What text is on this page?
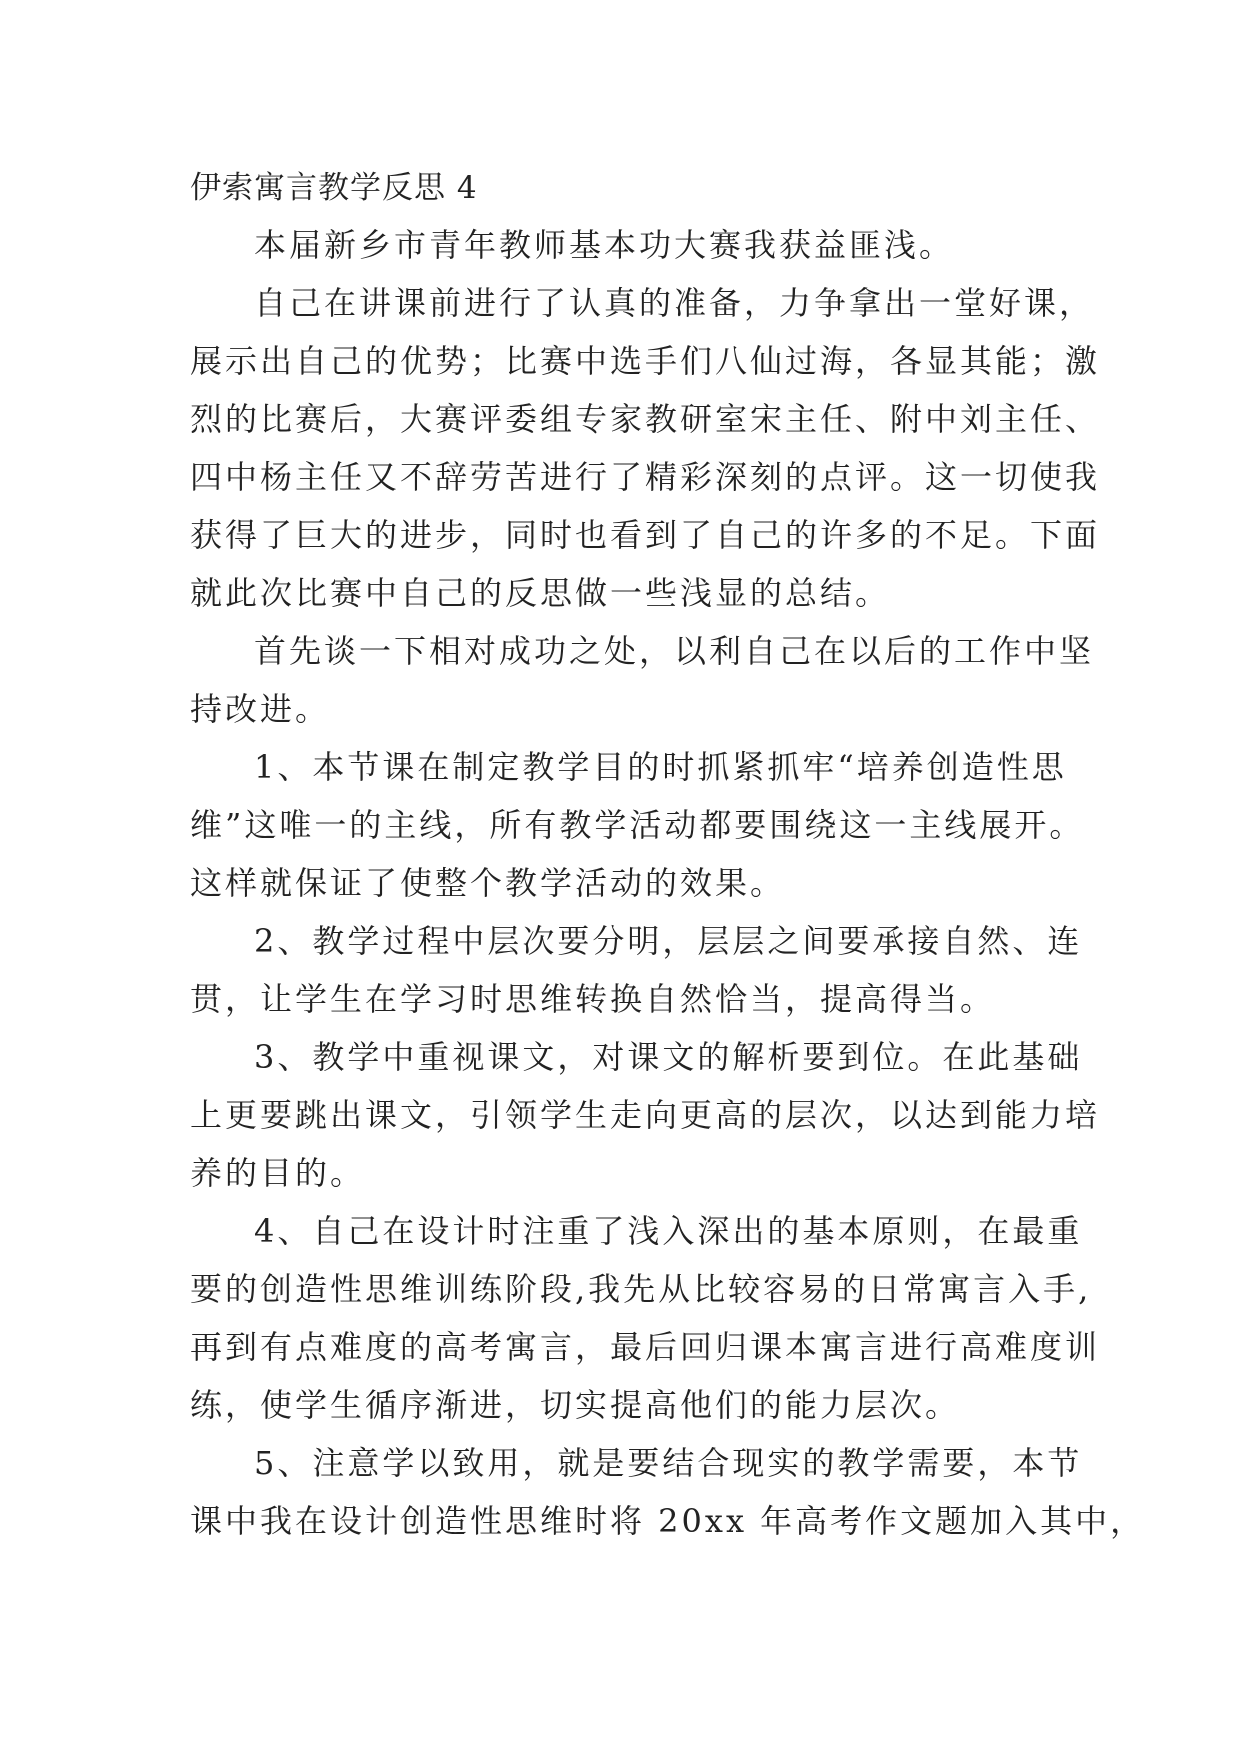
伊索寓言教学反思 4
本届新乡市青年教师基本功大赛我获益匪浅。
自己在讲课前进行了认真的准备，力争拿出一堂好课，
展示出自己的优势；比赛中选手们八仙过海，各显其能；激
烈的比赛后，大赛评委组专家教研室宋主任、附中刘主任、
四中杨主任又不辞劳苦进行了精彩深刻的点评。这一切使我
获得了巨大的进步，同时也看到了自己的许多的不足。下面
就此次比赛中自己的反思做一些浅显的总结。
首先谈一下相对成功之处，以利自己在以后的工作中坚
持改进。
1、本节课在制定教学目的时抓紧抓牢“培养创造性思
维”这唯一的主线，所有教学活动都要围绕这一主线展开。
这样就保证了使整个教学活动的效果。
2、教学过程中层次要分明，层层之间要承接自然、连
贯，让学生在学习时思维转换自然恰当，提高得当。
3、教学中重视课文，对课文的解析要到位。在此基础
上更要跳出课文，引领学生走向更高的层次，以达到能力培
养的目的。
4、自己在设计时注重了浅入深出的基本原则，在最重
要的创造性思维训练阶段,我先从比较容易的日常寓言入手,
再到有点难度的高考寓言，最后回归课本寓言进行高难度训
练，使学生循序渐进，切实提高他们的能力层次。
5、注意学以致用，就是要结合现实的教学需要，本节
课中我在设计创造性思维时将 20xx 年高考作文题加入其中，
